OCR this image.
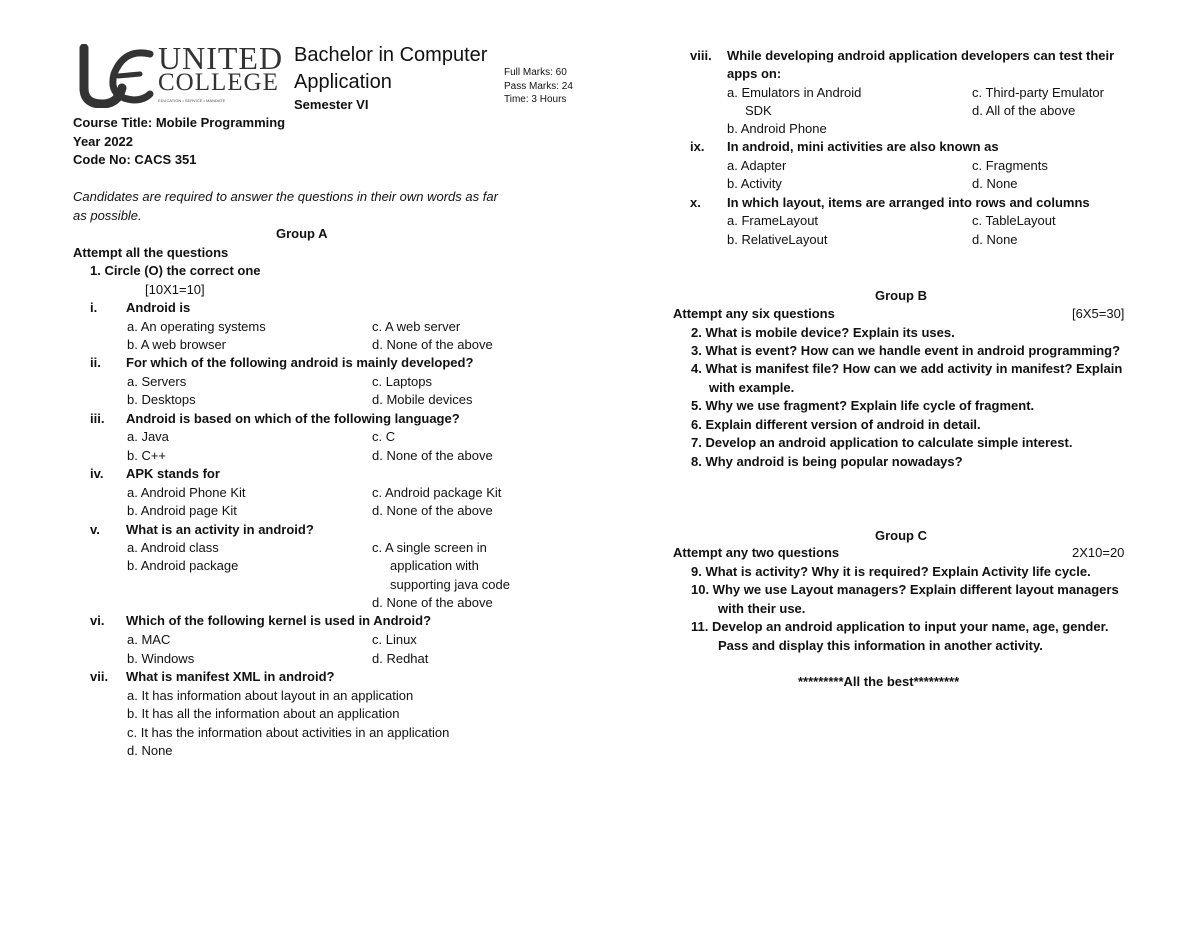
UNITED
COLLEGE
EDUCATION • SERVICE • MANDATE
Bachelor in Computer
Application
Semester VI
Full Marks: 60
Pass Marks: 24
Time: 3 Hours
Course Title: Mobile Programming
Year 2022
Code No: CACS 351
Candidates are required to answer the questions in their own words as far
as possible.
Group A
Attempt all the questions
1. Circle (O) the correct one
[10X1=10]
i. Android is
a. An operating systems	c. A web server
b. A web browser	d. None of the above
ii. For which of the following android is mainly developed?
a. Servers	c. Laptops
b. Desktops	d. Mobile devices
iii. Android is based on which of the following language?
a. Java	c. C
b. C++	d. None of the above
iv. APK stands for
a. Android Phone Kit	c. Android package Kit
b. Android page Kit	d. None of the above
v. What is an activity in android?
a. Android class	c. A single screen in
b. Android package	application with
supporting java code
d. None of the above
vi. Which of the following kernel is used in Android?
a. MAC	c. Linux
b. Windows	d. Redhat
vii. What is manifest XML in android?
a. It has information about layout in an application
b. It has all the information about an application
c. It has the information about activities in an application
d. None
viii. While developing android application developers can test their
apps on:
a. Emulators in Android	c. Third-party Emulator
SDK	d. All of the above
b. Android Phone
ix. In android, mini activities are also known as
a. Adapter	c. Fragments
b. Activity	d. None
x. In which layout, items are arranged into rows and columns
a. FrameLayout	c. TableLayout
b. RelativeLayout	d. None
Group B
Attempt any six questions	[6X5=30]
2. What is mobile device? Explain its uses.
3. What is event? How can we handle event in android programming?
4. What is manifest file? How can we add activity in manifest? Explain
with example.
5. Why we use fragment? Explain life cycle of fragment.
6. Explain different version of android in detail.
7. Develop an android application to calculate simple interest.
8. Why android is being popular nowadays?
Group C
Attempt any two questions	2X10=20
9. What is activity? Why it is required? Explain Activity life cycle.
10. Why we use Layout managers? Explain different layout managers
with their use.
11. Develop an android application to input your name, age, gender.
Pass and display this information in another activity.
*********All the best*********
